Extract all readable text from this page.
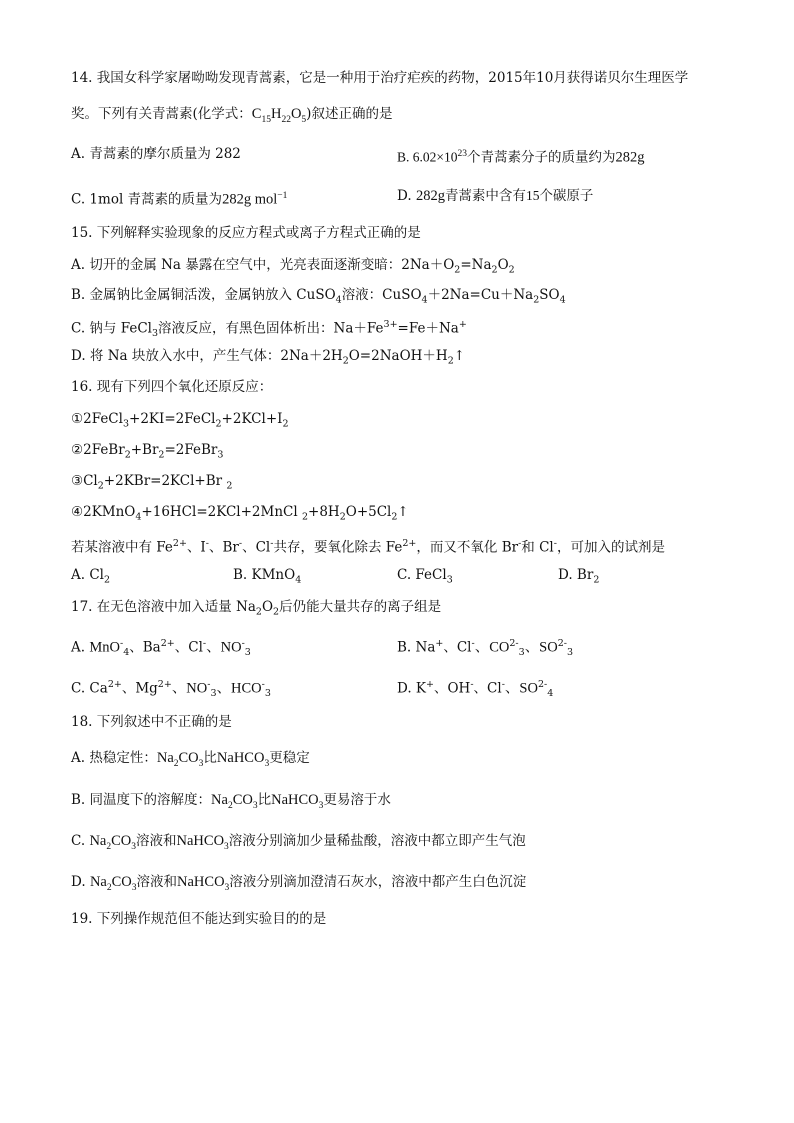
14. 我国女科学家屠呦呦发现青蒿素，它是一种用于治疗疟疾的药物，2015年10月获得诺贝尔生理医学
奖。下列有关青蒿素(化学式：$C_{15}H_{22}O_5$)叙述正确的是
A. 青蒿素的摩尔质量为 282	B. $6.02\times 10^{23}$个青蒿素分子的质量约为282g
C. 1mol 青蒿素的质量为282g mol$^{-1}$	D. 282g青蒿素中含有15个碳原子
15. 下列解释实验现象的反应方程式或离子方程式正确的是
A. 切开的金属 Na 暴露在空气中，光亮表面逐渐变暗：$2Na+O_2=Na_2O_2$
B. 金属钠比金属铜活泼，金属钠放入 CuSO$_4$溶液：$CuSO_4+2Na=Cu+Na_2SO_4$
C. 钠与 FeCl$_3$溶液反应，有黑色固体析出：$Na+Fe^{3+}=Fe+Na^+$
D. 将 Na 块放入水中，产生气体：$2Na+2H_2O=2NaOH+H_2↑$
16. 现有下列四个氧化还原反应：
$①2FeCl_3+2KI=2FeCl_2+2KCl+I_2$
$②2FeBr_2+Br_2=2FeBr_3$
$③Cl_2+2KBr=2KCl+Br$ $_2$
④2KMnO$_4$+16HCl=2KCl+2MnCl $_2+8H_2O+5Cl_2↑$
若某溶液中有 $Fe^{2+}$、I-、Br-、Cl-共存，要氧化除去 $Fe^{2+}$，而又不氧化 Br-和 Cl-，可加入的试剂是
A. $Cl_2$	B. KMnO$_4$	C. FeCl$_3$	D. $Br_2$
17. 在无色溶液中加入适量 $Na_2O_2$后仍能大量共存的离子组是
A. MnO-$_4$、$Ba^{2+}$、Cl-、$NO^-_3$	B. Na+、Cl-、$CO^{2-}_3$、$SO^{2-}_3$
C. $Ca^{2+}$、$Mg^{2+}$、$NO^-_3$、$HCO^-_3$	D. K+、OH-、Cl-、$SO^{2-}_4$
18. 下列叙述中不正确的是
A. 热稳定性：$Na_2CO_3$比NaHCO$_3$更稳定
B. 同温度下的溶解度：$Na_2CO_3$比NaHCO$_3$更易溶于水
C. $Na_2CO_3$溶液和NaHCO$_3$溶液分别滴加少量稀盐酸，溶液中都立即产生气泡
D. $Na_2CO_3$溶液和NaHCO$_3$溶液分别滴加澄清石灰水，溶液中都产生白色沉淀
19. 下列操作规范但不能达到实验目的的是
